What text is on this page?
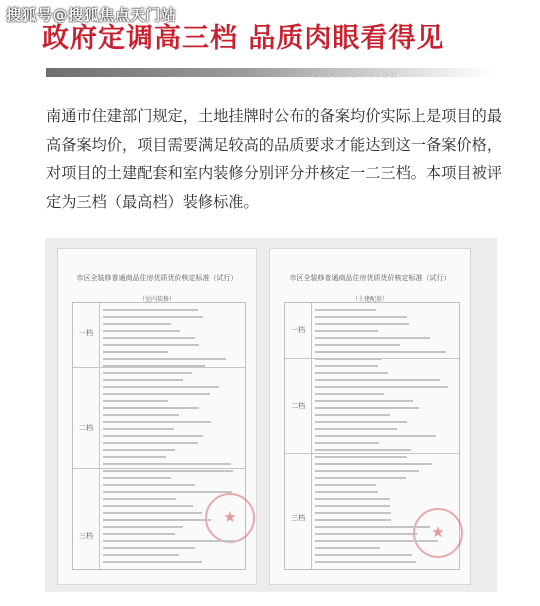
搜狐号@搜狐焦点天门站
政府定调高三档 品质肉眼看得见
CITYMANSION
南通市住建部门规定，土地挂牌时公布的备案均价实际上是项目的最高备案均价，项目需要满足较高的品质要求才能达到这一备案价格，对项目的土建配套和室内装修分别评分并核定一二三档。本项目被评定为三档（最高档）装修标准。
市区全装修普通商品住房优质优价核定标准（试行）
（室内装修）
一档
二档
三档
★
市区全装修普通商品住房优质优价核定标准（试行）
（土建配套）
一档
二档
三档
★
